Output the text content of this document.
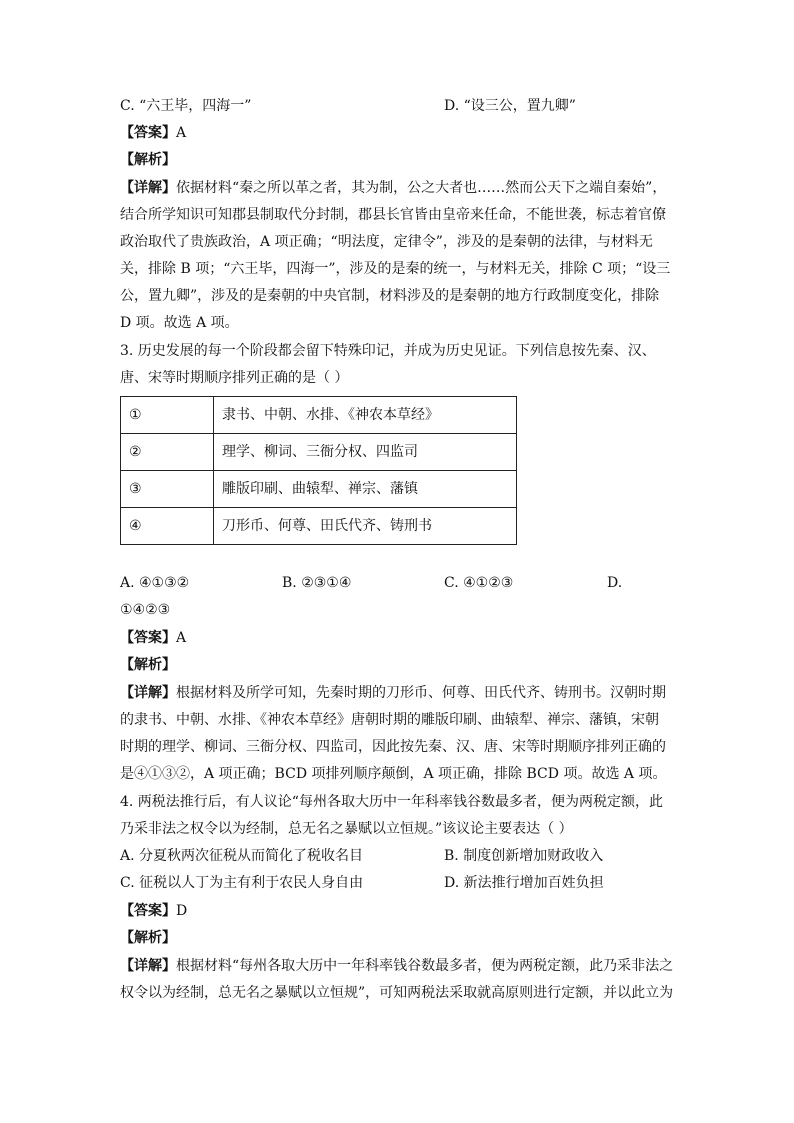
C. “六王毕，四海一”	D. “设三公，置九卿”
【答案】A
【解析】
【详解】依据材料“秦之所以革之者，其为制，公之大者也……然而公天下之端自秦始”，
结合所学知识可知郡县制取代分封制，郡县长官皆由皇帝来任命，不能世袭，标志着官僚
政治取代了贵族政治，A 项正确；“明法度，定律令”，涉及的是秦朝的法律，与材料无
关，排除 B 项；“六王毕，四海一”，涉及的是秦的统一，与材料无关，排除 C 项；“设三
公，置九卿”，涉及的是秦朝的中央官制，材料涉及的是秦朝的地方行政制度变化，排除
D 项。故选 A 项。
3. 历史发展的每一个阶段都会留下特殊印记，并成为历史见证。下列信息按先秦、汉、
唐、宋等时期顺序排列正确的是（ ）
①	隶书、中朝、水排、《神农本草经》
②	理学、柳词、三衙分权、四监司
③	雕版印刷、曲辕犁、禅宗、藩镇
④	刀形币、何尊、田氏代齐、铸刑书
A. ④①③②	B. ②③①④	C. ④①②③	D.
①④②③
【答案】A
【解析】
【详解】根据材料及所学可知，先秦时期的刀形币、何尊、田氏代齐、铸刑书。汉朝时期
的隶书、中朝、水排、《神农本草经》唐朝时期的雕版印刷、曲辕犁、禅宗、藩镇，宋朝
时期的理学、柳词、三衙分权、四监司，因此按先秦、汉、唐、宋等时期顺序排列正确的
是④①③②，A 项正确；BCD 项排列顺序颠倒，A 项正确，排除 BCD 项。故选 A 项。
4. 两税法推行后，有人议论“每州各取大历中一年科率钱谷数最多者，便为两税定额，此
乃采非法之权令以为经制，总无名之暴赋以立恒规。”该议论主要表达（ ）
A. 分夏秋两次征税从而简化了税收名目	B. 制度创新增加财政收入
C. 征税以人丁为主有利于农民人身自由	D. 新法推行增加百姓负担
【答案】D
【解析】
【详解】根据材料“每州各取大历中一年科率钱谷数最多者，便为两税定额，此乃采非法之
权令以为经制，总无名之暴赋以立恒规”，可知两税法采取就高原则进行定额，并以此立为
